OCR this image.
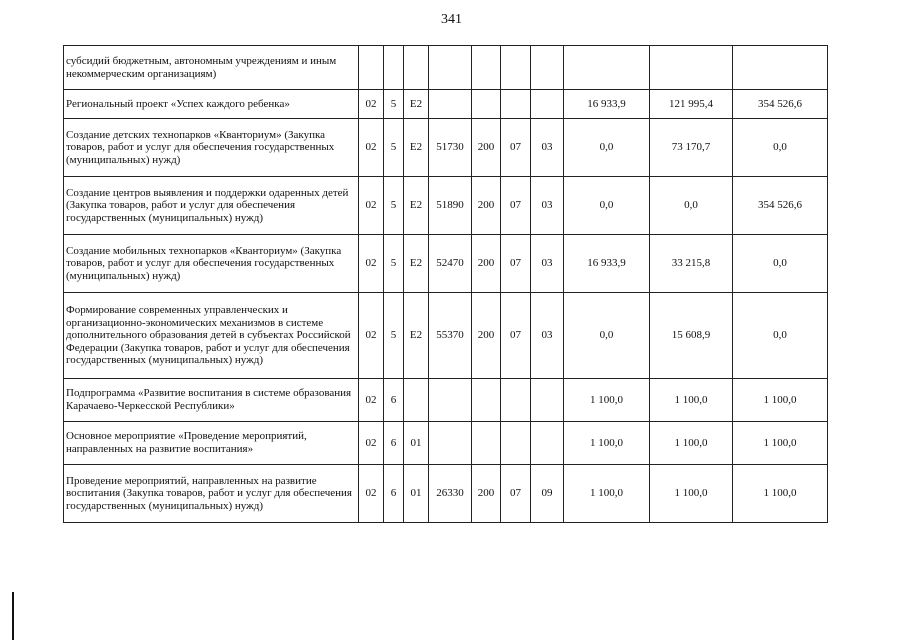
341
субсидий бюджетным, автономным учреждениям и иным некоммерческим организациям)										
Региональный проект «Успех каждого ребенка»	02	5	E2					16 933,9	121 995,4	354 526,6
Создание детских технопарков «Кванториум» (Закупка товаров, работ и услуг для обеспечения государственных (муниципальных) нужд)	02	5	E2	51730	200	07	03	0,0	73 170,7	0,0
Создание центров выявления и поддержки одаренных детей (Закупка товаров, работ и услуг для обеспечения государственных (муниципальных) нужд)	02	5	E2	51890	200	07	03	0,0	0,0	354 526,6
Создание мобильных технопарков «Кванториум» (Закупка товаров, работ и услуг для обеспечения государственных (муниципальных) нужд)	02	5	E2	52470	200	07	03	16 933,9	33 215,8	0,0
Формирование современных управленческих и организационно-экономических механизмов в системе дополнительного образования детей в субъектах Российской Федерации (Закупка товаров, работ и услуг для обеспечения государственных (муниципальных) нужд)	02	5	E2	55370	200	07	03	0,0	15 608,9	0,0
Подпрограмма «Развитие воспитания в системе образования Карачаево-Черкесской Республики»	02	6						1 100,0	1 100,0	1 100,0
Основное мероприятие «Проведение мероприятий, направленных на развитие воспитания»	02	6	01					1 100,0	1 100,0	1 100,0
Проведение мероприятий, направленных на развитие воспитания (Закупка товаров, работ и услуг для обеспечения государственных (муниципальных) нужд)	02	6	01	26330	200	07	09	1 100,0	1 100,0	1 100,0
